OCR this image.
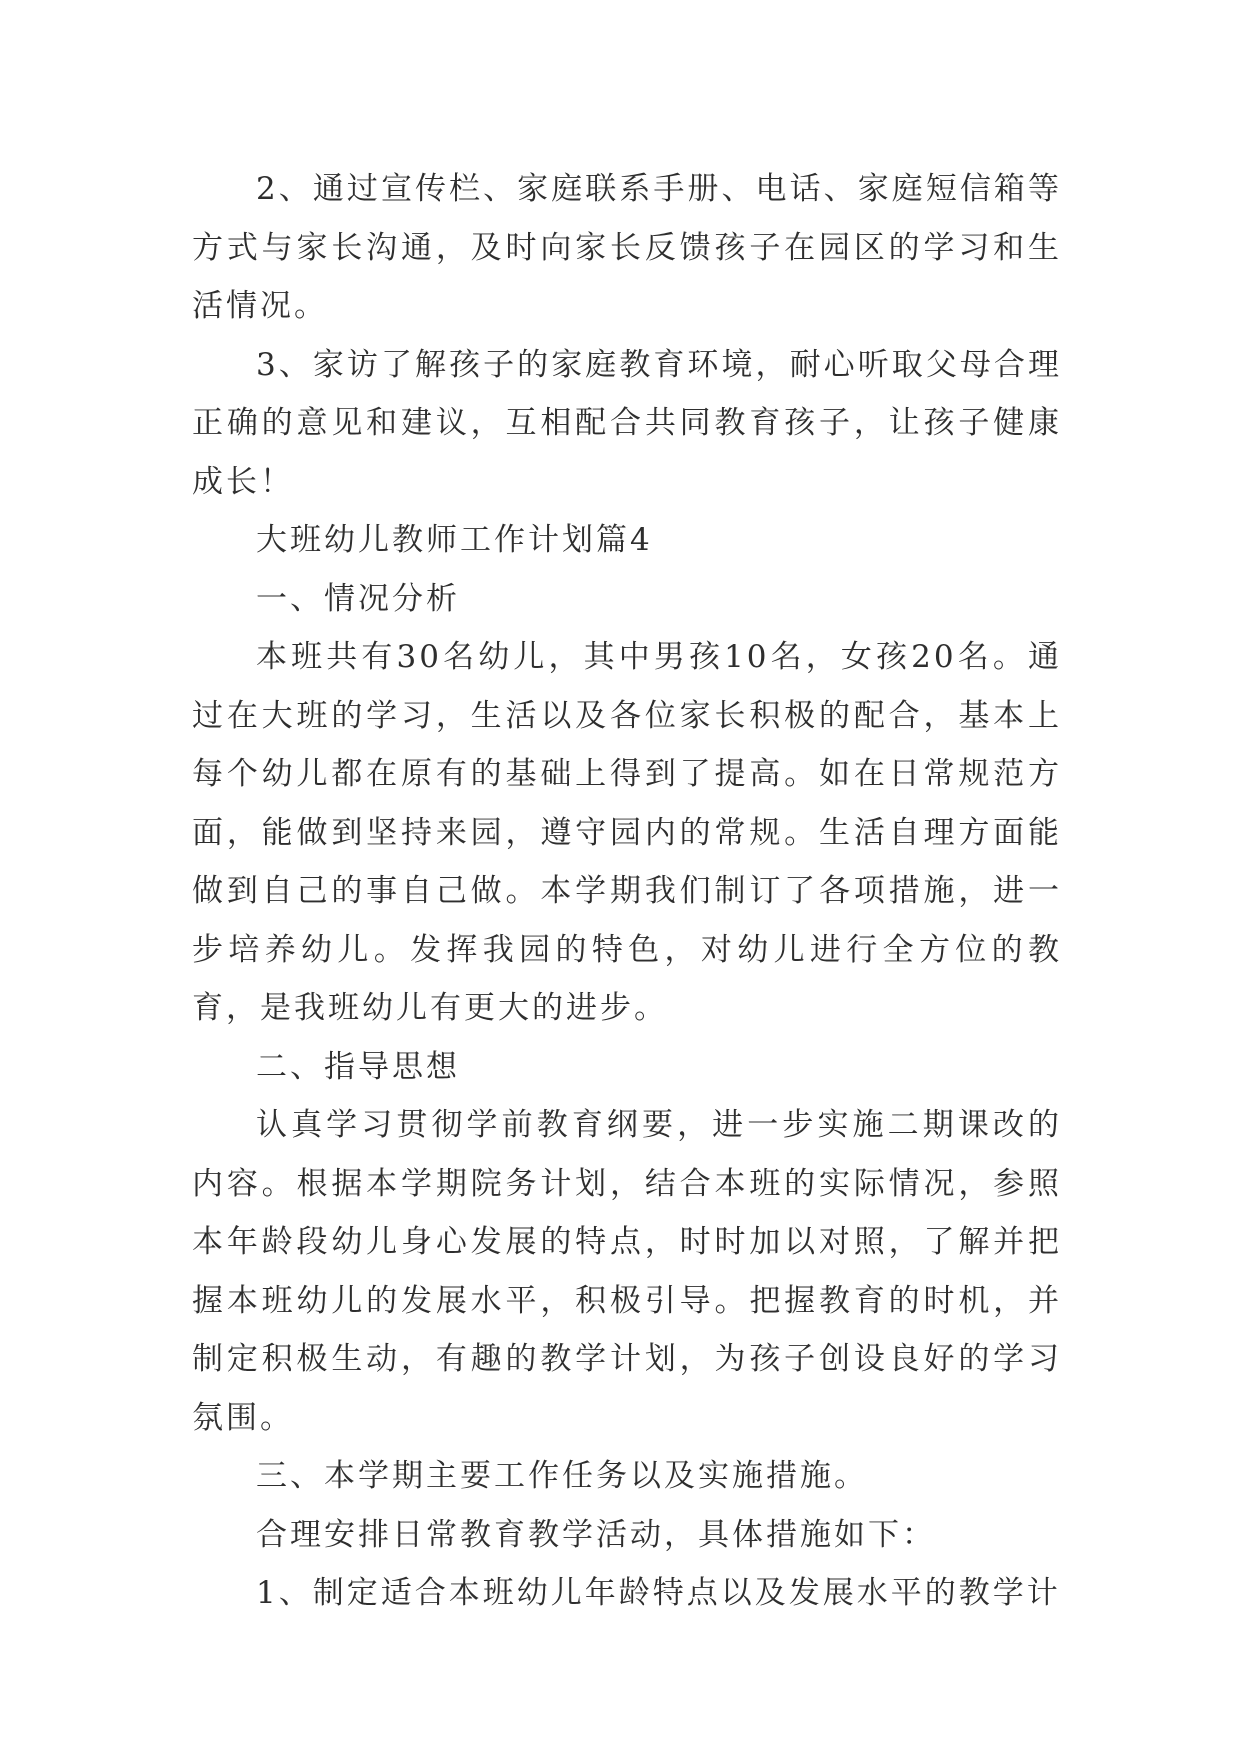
2、通过宣传栏、家庭联系手册、电话、家庭短信箱等方式与家长沟通，及时向家长反馈孩子在园区的学习和生活情况。

3、家访了解孩子的家庭教育环境，耐心听取父母合理正确的意见和建议，互相配合共同教育孩子，让孩子健康成长！

大班幼儿教师工作计划篇4

一、情况分析

本班共有30名幼儿，其中男孩10名，女孩20名。通过在大班的学习，生活以及各位家长积极的配合，基本上每个幼儿都在原有的基础上得到了提高。如在日常规范方面，能做到坚持来园，遵守园内的常规。生活自理方面能做到自己的事自己做。本学期我们制订了各项措施，进一步培养幼儿。发挥我园的特色，对幼儿进行全方位的教育，是我班幼儿有更大的进步。

二、指导思想

认真学习贯彻学前教育纲要，进一步实施二期课改的内容。根据本学期院务计划，结合本班的实际情况，参照本年龄段幼儿身心发展的特点，时时加以对照，了解并把握本班幼儿的发展水平，积极引导。把握教育的时机，并制定积极生动，有趣的教学计划，为孩子创设良好的学习氛围。

三、本学期主要工作任务以及实施措施。

合理安排日常教育教学活动，具体措施如下：

1、制定适合本班幼儿年龄特点以及发展水平的教学计
